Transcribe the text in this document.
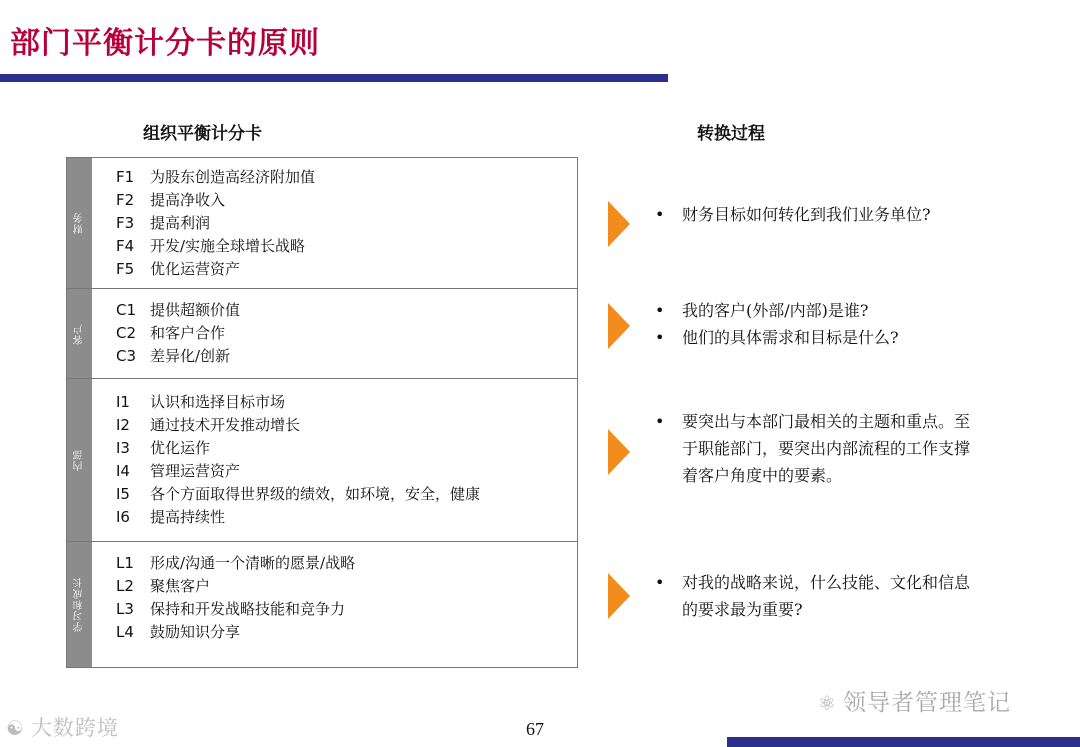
部门平衡计分卡的原则
组织平衡计分卡	转换过程
财务
F1 为股东创造高经济附加值
F2 提高净收入
F3 提高利润
F4 开发/实施全球增长战略
F5 优化运营资产
客户
C1 提供超额价值
C2 和客户合作
C3 差异化/创新
内部
I1 认识和选择目标市场
I2 通过技术开发推动增长
I3 优化运作
I4 管理运营资产
I5 各个方面取得世界级的绩效，如环境，安全，健康
I6 提高持续性
学习和成长
L1 形成/沟通一个清晰的愿景/战略
L2 聚焦客户
L3 保持和开发战略技能和竞争力
L4 鼓励知识分享
• 财务目标如何转化到我们业务单位?
• 我的客户(外部/内部)是谁?
• 他们的具体需求和目标是什么?
• 要突出与本部门最相关的主题和重点。至于职能部门，要突出内部流程的工作支撑着客户角度中的要素。
• 对我的战略来说，什么技能、文化和信息的要求最为重要?
67
☯ 大数跨境
⚛ 领导者管理笔记
